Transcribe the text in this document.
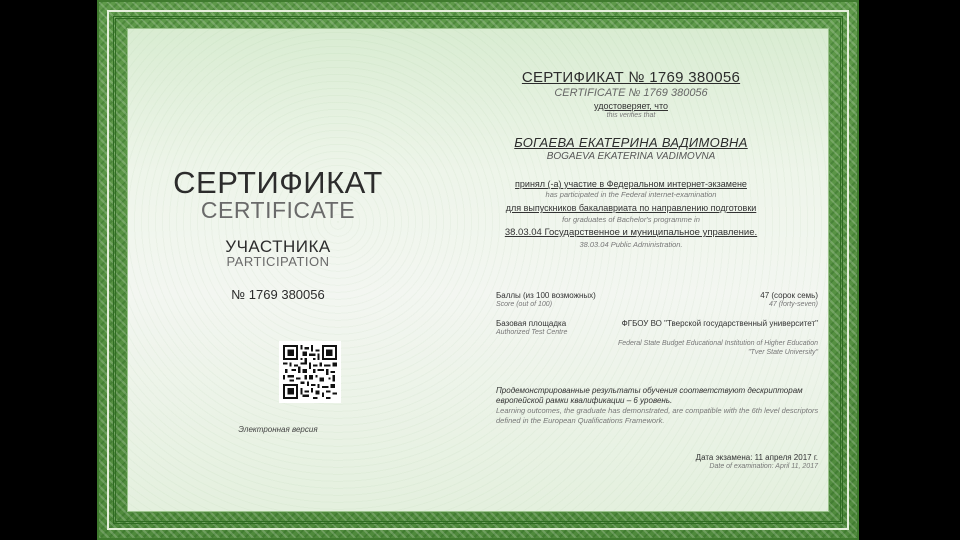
СЕРТИФИКАТ
CERTIFICATE
УЧАСТНИКА
PARTICIPATION
№ 1769 380056
Электронная версия
СЕРТИФИКАТ № 1769 380056
CERTIFICATE № 1769 380056
удостоверяет, что
this verifies that
БОГАЕВА ЕКАТЕРИНА ВАДИМОВНА
BOGAEVA EKATERINA VADIMOVNA
принял (-а) участие в Федеральном интернет-экзамене
has participated in the Federal internet-examination
для выпускников бакалавриата по направлению подготовки
for graduates of Bachelor's programme in
38.03.04 Государственное и муниципальное управление.
38.03.04 Public Administration.
Баллы (из 100 возможных)
Score (out of 100)
47 (сорок семь)
47 (forty-seven)
Базовая площадка
Authorized Test Centre
ФГБОУ ВО "Тверской государственный университет"
Federal State Budget Educational Institution of Higher Education "Tver State University"
Продемонстрированные результаты обучения соответствуют дескрипторам европейской рамки квалификации – 6 уровень.
Learning outcomes, the graduate has demonstrated, are compatible with the 6th level descriptors defined in the European Qualifications Framework.
Дата экзамена: 11 апреля 2017 г.
Date of examination: April 11, 2017
